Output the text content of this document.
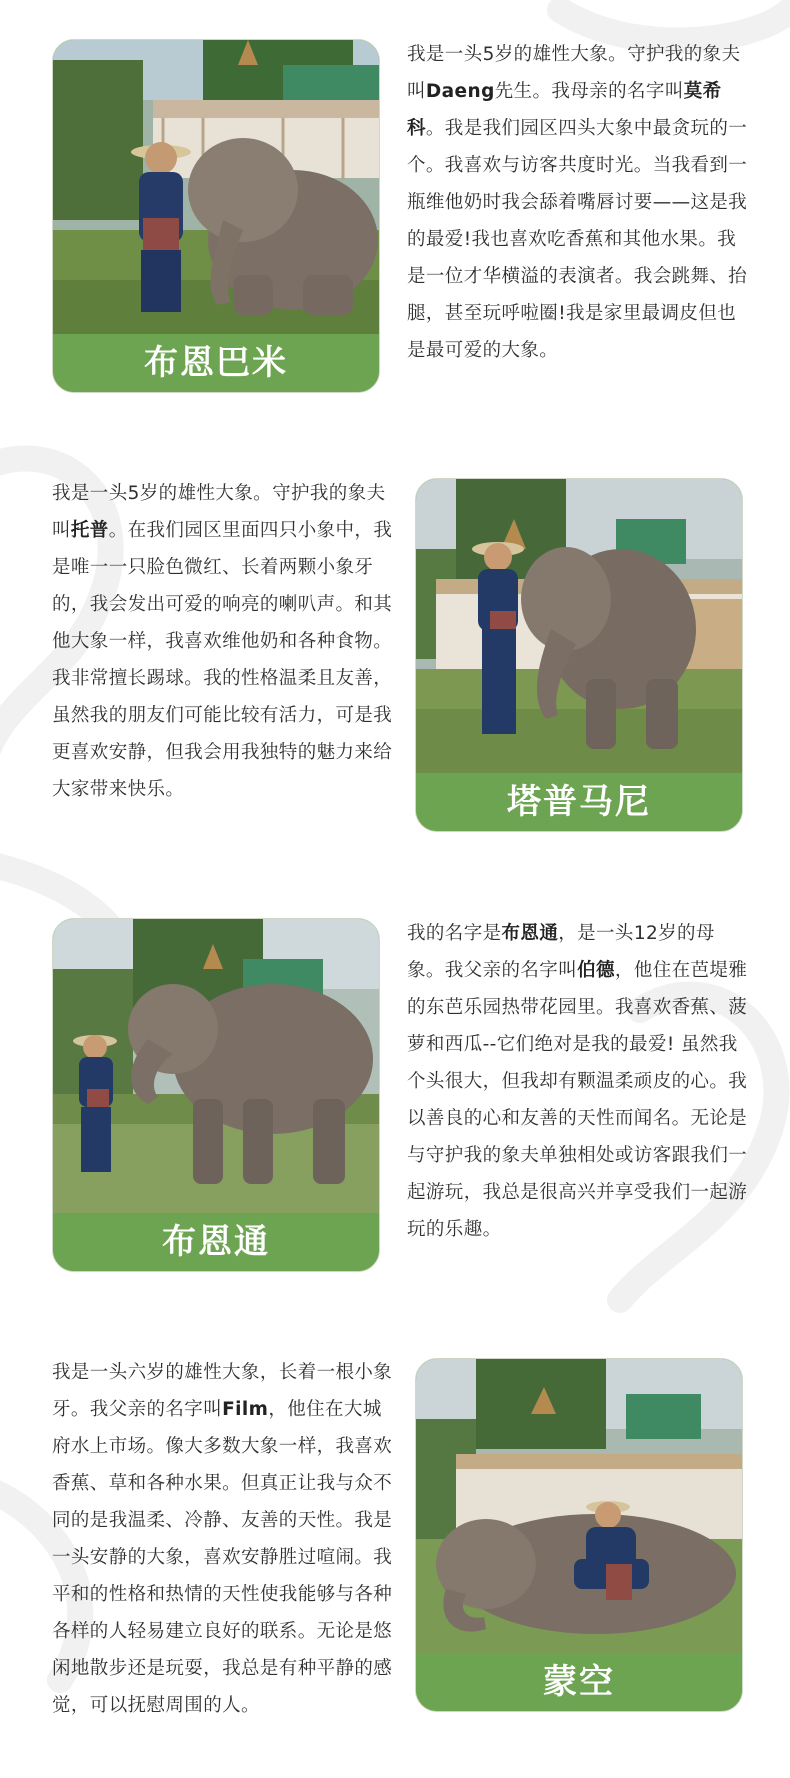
布恩巴米
我是一头5岁的雄性大象。守护我的象夫叫Daeng先生。我母亲的名字叫莫希科。我是我们园区四头大象中最贪玩的一个。我喜欢与访客共度时光。当我看到一瓶维他奶时我会舔着嘴唇讨要——这是我的最爱!我也喜欢吃香蕉和其他水果。我是一位才华横溢的表演者。我会跳舞、抬腿，甚至玩呼啦圈!我是家里最调皮但也是最可爱的大象。
塔普马尼
我是一头5岁的雄性大象。守护我的象夫叫托普。在我们园区里面四只小象中，我是唯一一只脸色微红、长着两颗小象牙的，我会发出可爱的响亮的喇叭声。和其他大象一样，我喜欢维他奶和各种食物。我非常擅长踢球。我的性格温柔且友善，虽然我的朋友们可能比较有活力，可是我更喜欢安静，但我会用我独特的魅力来给大家带来快乐。
布恩通
我的名字是布恩通，是一头12岁的母象。我父亲的名字叫伯德，他住在芭堤雅的东芭乐园热带花园里。我喜欢香蕉、菠萝和西瓜--它们绝对是我的最爱! 虽然我个头很大，但我却有颗温柔顽皮的心。我以善良的心和友善的天性而闻名。无论是与守护我的象夫单独相处或访客跟我们一起游玩，我总是很高兴并享受我们一起游玩的乐趣。
蒙空
我是一头六岁的雄性大象，长着一根小象牙。我父亲的名字叫Film，他住在大城府水上市场。像大多数大象一样，我喜欢香蕉、草和各种水果。但真正让我与众不同的是我温柔、冷静、友善的天性。我是一头安静的大象，喜欢安静胜过喧闹。我平和的性格和热情的天性使我能够与各种各样的人轻易建立良好的联系。无论是悠闲地散步还是玩耍，我总是有种平静的感觉，可以抚慰周围的人。
